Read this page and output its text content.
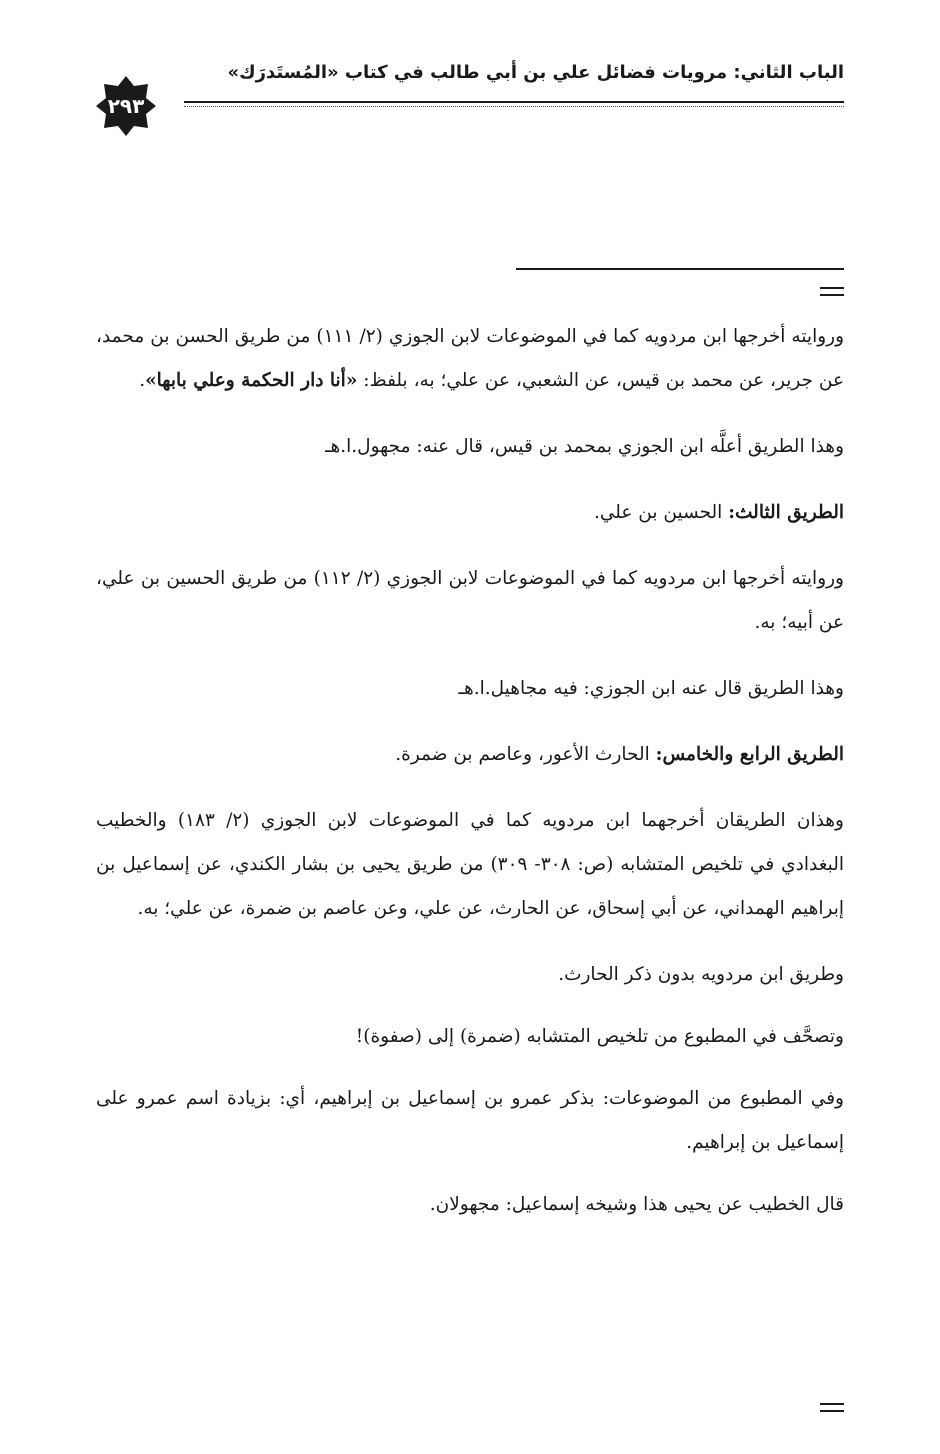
الباب الثاني: مرويات فضائل علي بن أبي طالب في كتاب «المُستَدرَك»
٢٩٣

وروايته أخرجها ابن مردويه كما في الموضوعات لابن الجوزي (٢/ ١١١) من طريق الحسن بن محمد، عن جرير، عن محمد بن قيس، عن الشعبي، عن علي؛ به، بلفظ: «أنا دار الحكمة وعلي بابها».

وهذا الطريق أعلَّه ابن الجوزي بمحمد بن قيس، قال عنه: مجهول.ا.هـ

الطريق الثالث: الحسين بن علي.

وروايته أخرجها ابن مردويه كما في الموضوعات لابن الجوزي (٢/ ١١٢) من طريق الحسين بن علي، عن أبيه؛ به.

وهذا الطريق قال عنه ابن الجوزي: فيه مجاهيل.ا.هـ

الطريق الرابع والخامس: الحارث الأعور، وعاصم بن ضمرة.

وهذان الطريقان أخرجهما ابن مردويه كما في الموضوعات لابن الجوزي (٢/ ١٨٣) والخطيب البغدادي في تلخيص المتشابه (ص: ٣٠٨- ٣٠٩) من طريق يحيى بن بشار الكندي، عن إسماعيل بن إبراهيم الهمداني، عن أبي إسحاق، عن الحارث، عن علي، وعن عاصم بن ضمرة، عن علي؛ به.

وطريق ابن مردويه بدون ذكر الحارث.

وتصحَّف في المطبوع من تلخيص المتشابه (ضمرة) إلى (صفوة)!

وفي المطبوع من الموضوعات: بذكر عمرو بن إسماعيل بن إبراهيم، أي: بزيادة اسم عمرو على إسماعيل بن إبراهيم.

قال الخطيب عن يحيى هذا وشيخه إسماعيل: مجهولان.
